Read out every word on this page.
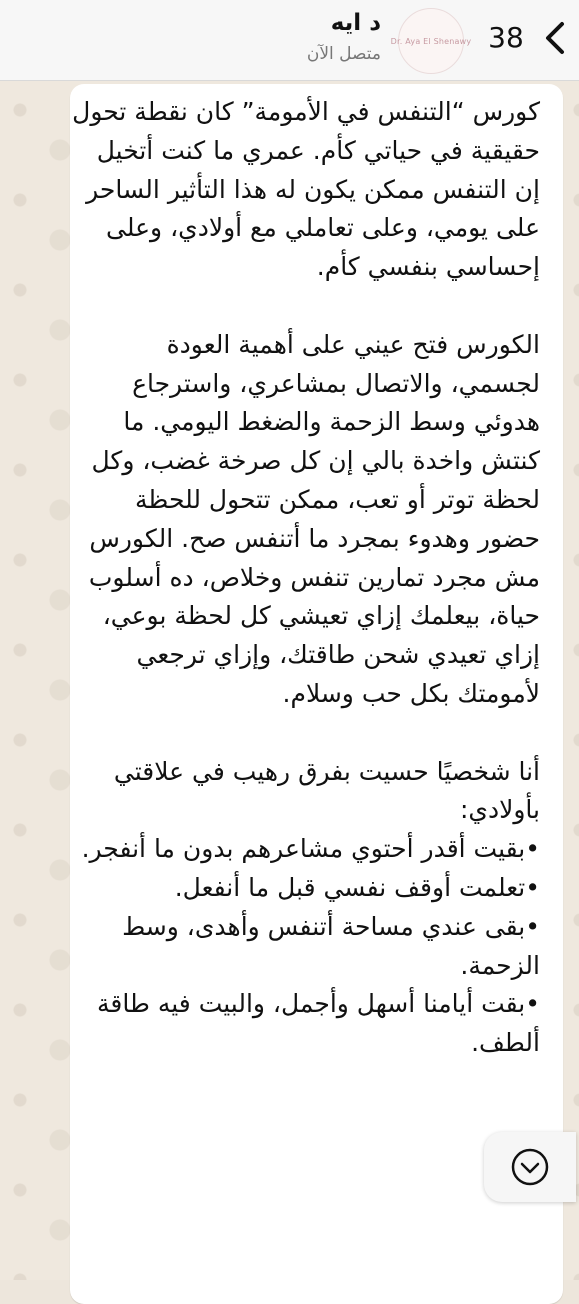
38
Dr. Aya El Shenawy
د ايه
متصل الآن

كورس “التنفس في الأمومة” كان نقطة تحول حقيقية في حياتي كأم. عمري ما كنت أتخيل إن التنفس ممكن يكون له هذا التأثير الساحر على يومي، وعلى تعاملي مع أولادي، وعلى إحساسي بنفسي كأم.

الكورس فتح عيني على أهمية العودة لجسمي، والاتصال بمشاعري، واسترجاع هدوئي وسط الزحمة والضغط اليومي. ما كنتش واخدة بالي إن كل صرخة غضب، وكل لحظة توتر أو تعب، ممكن تتحول للحظة حضور وهدوء بمجرد ما أتنفس صح. الكورس مش مجرد تمارين تنفس وخلاص، ده أسلوب حياة، بيعلمك إزاي تعيشي كل لحظة بوعي، إزاي تعيدي شحن طاقتك، وإزاي ترجعي لأمومتك بكل حب وسلام.

أنا شخصيًا حسيت بفرق رهيب في علاقتي بأولادي:

•بقيت أقدر أحتوي مشاعرهم بدون ما أنفجر.

•تعلمت أوقف نفسي قبل ما أنفعل.

•بقى عندي مساحة أتنفس وأهدى، وسط الزحمة.

•بقت أيامنا أسهل وأجمل، والبيت فيه طاقة ألطف.
